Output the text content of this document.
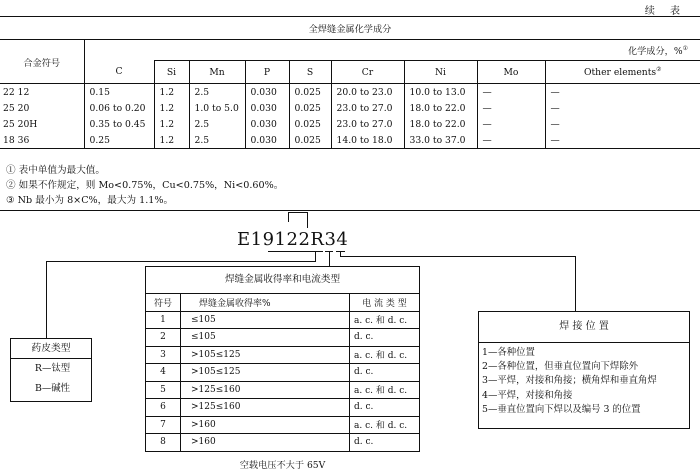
续 表
全焊缝金属化学成分									
合金符号	化学成分，%①
	C	Si	Mn	P	S	Cr	Ni	Mo	Other elements②
22 12	0.15	1.2	2.5	0.030	0.025	20.0 to 23.0	10.0 to 13.0	—	—
25 20	0.06 to 0.20	1.2	1.0 to 5.0	0.030	0.025	23.0 to 27.0	18.0 to 22.0	—	—
25 20H	0.35 to 0.45	1.2	2.5	0.030	0.025	23.0 to 27.0	18.0 to 22.0	—	—
18 36	0.25	1.2	2.5	0.030	0.025	14.0 to 18.0	33.0 to 37.0	—	—
① 表中单值为最大值。
② 如果不作规定，则 Mo<0.75%，Cu<0.75%，Ni<0.60%。
③ Nb 最小为 8×C%，最大为 1.1%。
E19122R34
药皮类型
R—钛型
B—碱性
焊缝金属收得率和电流类型
符号	焊缝金属收得率%	电 流 类 型
1	≤105	a. c. 和 d. c.
2	≤105	d. c.
3	>105≤125	a. c. 和 d. c.
4	>105≤125	d. c.
5	>125≤160	a. c. 和 d. c.
6	>125≤160	d. c.
7	>160	a. c. 和 d. c.
8	>160	d. c.
空载电压不大于 65V
焊 接 位 置
1—各种位置
2—各种位置，但垂直位置向下焊除外
3—平焊，对接和角接；横角焊和垂直角焊
4—平焊，对接和角接
5—垂直位置向下焊以及编号 3 的位置
